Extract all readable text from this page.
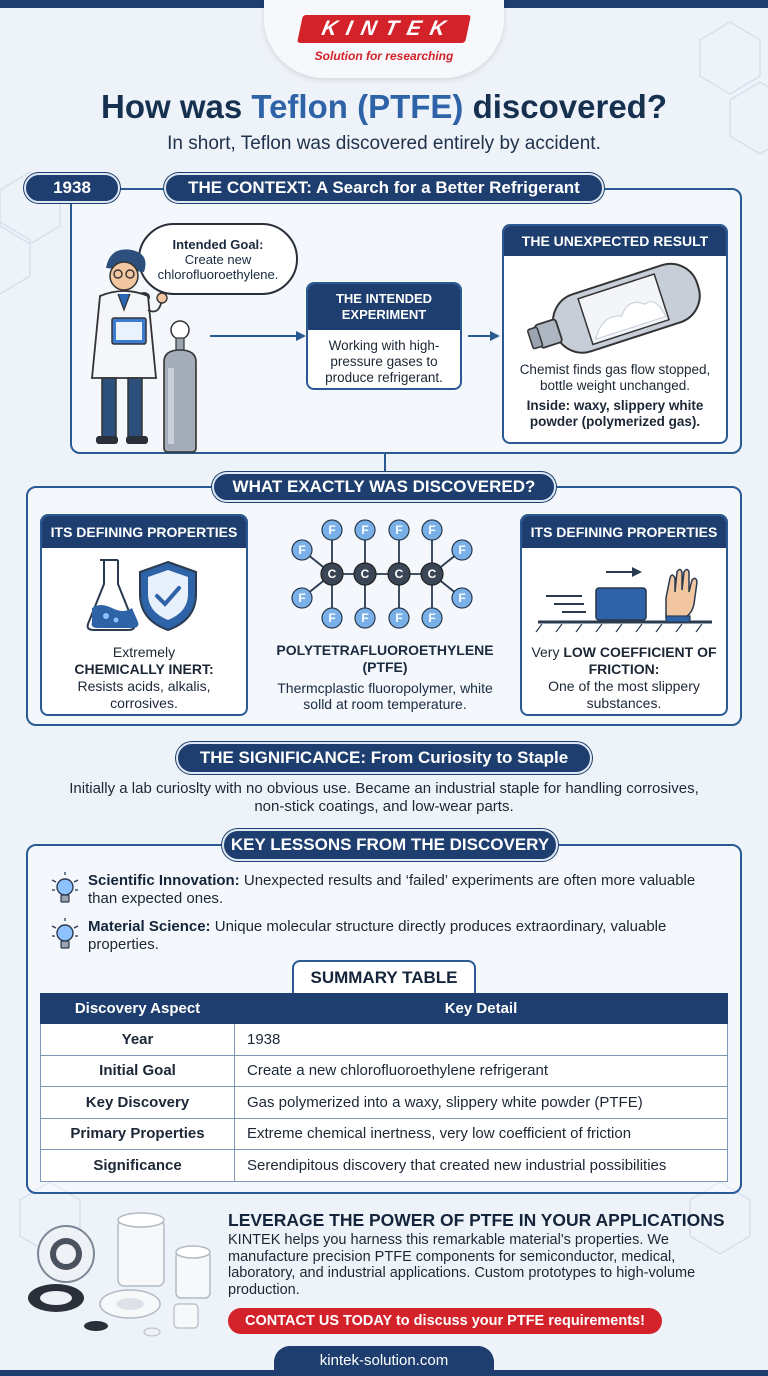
KINTEK
Solution for researching
How was Teflon (PTFE) discovered?
In short, Teflon was discovered entirely by accident.
1938	THE CONTEXT: A Search for a Better Refrigerant
Intended Goal:
Create new chlorofluoroethylene.
THE INTENDED EXPERIMENT
Working with high-pressure gases to produce refrigerant.
THE UNEXPECTED RESULT
Chemist finds gas flow stopped, bottle weight unchanged.
Inside: waxy, slippery white powder (polymerized gas).
WHAT EXACTLY WAS DISCOVERED?
ITS DEFINING PROPERTIES
Extremely
CHEMICALLY INERT:
Resists acids, alkalis, corrosives.
F F F F
F F F F
F
F
F
F
C C C C
POLYTETRAFLUOROETHYLENE (PTFE)
Thermcplastic fluoropolymer, white solld at room temperature.
ITS DEFINING PROPERTIES
Very LOW COEFFICIENT OF FRICTION:
One of the most slippery substances.
THE SIGNIFICANCE: From Curiosity to Staple
Initially a lab curioslty with no obvious use. Became an industrial staple for handling corrosives, non-stick coatings, and low-wear parts.
KEY LESSONS FROM THE DISCOVERY
Scientific Innovation: Unexpected results and ‘failed’ experiments are often more valuable than expected ones.
Material Science: Unique molecular structure directly produces extraordinary, valuable properties.
SUMMARY TABLE
Discovery Aspect	Key Detail
Year	1938
Initial Goal	Create a new chlorofluoroethylene refrigerant
Key Discovery	Gas polymerized into a waxy, slippery white powder (PTFE)
Primary Properties	Extreme chemical inertness, very low coefficient of friction
Significance	Serendipitous discovery that created new industrial possibilities
LEVERAGE THE POWER OF PTFE IN YOUR APPLICATIONS
KINTEK helps you harness this remarkable material's properties. We manufacture precision PTFE components for semiconductor, medical, laboratory, and industrial applications. Custom prototypes to high-volume production.
CONTACT US TODAY to discuss your PTFE requirements!
kintek-solution.com
